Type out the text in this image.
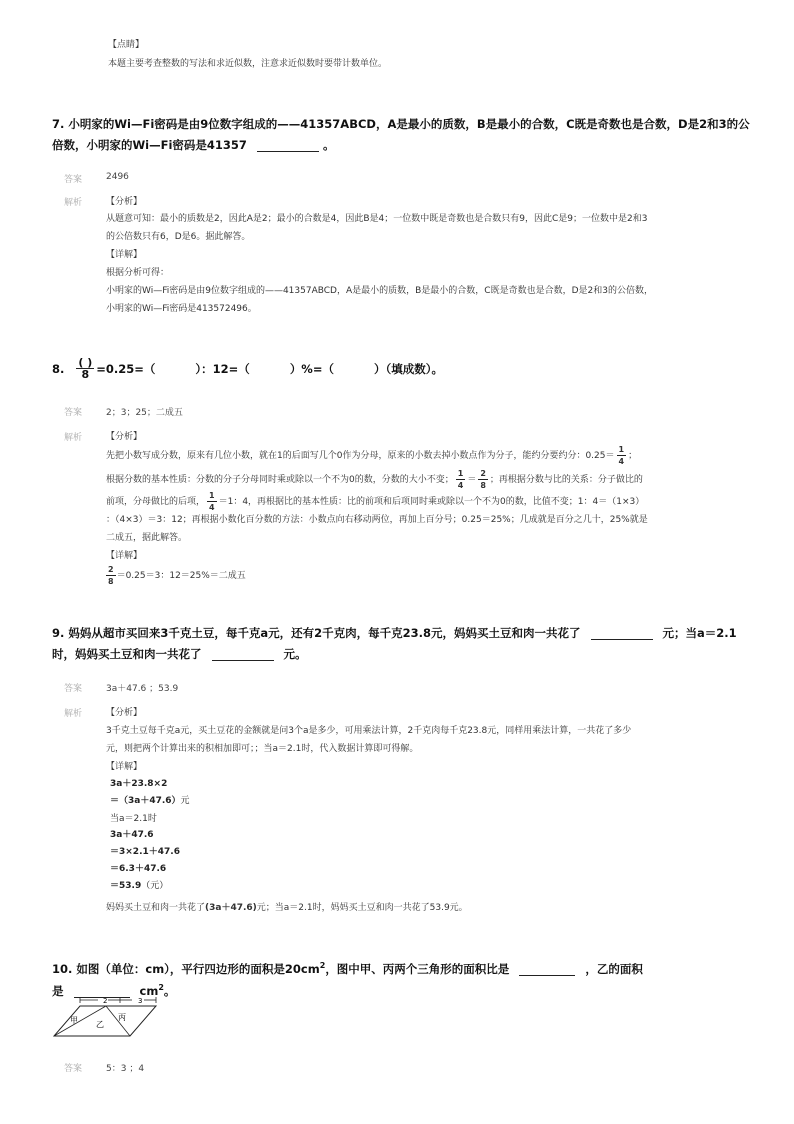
【点睛】
本题主要考查整数的写法和求近似数，注意求近似数时要带计数单位。
7. 小明家的Wi—Fi密码是由9位数字组成的——41357ABCD，A是最小的质数，B是最小的合数，C既是奇数也是合数，D是2和3的公
倍数，小明家的Wi—Fi密码是41357	。
答案	2496
解析	【分析】
从题意可知：最小的质数是2，因此A是2；最小的合数是4，因此B是4；一位数中既是奇数也是合数只有9，因此C是9；一位数中是2和3
的公倍数只有6，D是6。据此解答。
【详解】
根据分析可得：
小明家的Wi—Fi密码是由9位数字组成的——41357ABCD，A是最小的质数，B是最小的合数，C既是奇数也是合数，D是2和3的公倍数，
小明家的Wi—Fi密码是413572496。
8. $\frac{( )}{8} =0.25=$（	）：12=（	）%=（	）（填成数）。
答案	2；3；25；二成五
解析	【分析】
先把小数写成分数，原来有几位小数，就在1的后面写几个0作为分母，原来的小数去掉小数点作为分子，能约分要约分：$0.25= \frac{1}{4}$ ；
根据分数的基本性质：分数的分子分母同时乘或除以一个不为0的数，分数的大小不变； $\frac{1}{4} = \frac{2}{8}$ ；再根据分数与比的关系：分子做比的
前项，分母做比的后项， $\frac{1}{4} =1$：4，再根据比的基本性质：比的前项和后项同时乘或除以一个不为0的数，比值不变；1：4＝（1×3）
：（4×3）＝3：12；再根据小数化百分数的方法：小数点向右移动两位，再加上百分号；0.25＝25%；几成就是百分之几十，25%就是
二成五，据此解答。
【详解】
$\frac{2}{8} =0.25=3$：12＝25%＝二成五
9. 妈妈从超市买回来3千克土豆，每千克a元，还有2千克肉，每千克23.8元，妈妈买土豆和肉一共花了	元；当a＝2.1
时，妈妈买土豆和肉一共花了	元。
答案	3a＋47.6 ；53.9
解析	【分析】
3千克土豆每千克a元，买土豆花的金额就是问3个a是多少，可用乘法计算，2千克肉每千克23.8元，同样用乘法计算，一共花了多少
元，则把两个计算出来的积相加即可；；当a＝2.1时，代入数据计算即可得解。
【详解】
3a＋23.8×2
＝（3a＋47.6）元
当a＝2.1时
3a＋47.6
＝3×2.1＋47.6
＝6.3＋47.6
＝53.9（元）
妈妈买土豆和肉一共花了(3a＋47.6)元；当a＝2.1时，妈妈买土豆和肉一共花了53.9元。
10. 如图（单位：cm），平行四边形的面积是$20cm^2$，图中甲、丙两个三角形的面积比是	，乙的面积
是	$cm^2$。
2	3
甲 乙
丙
答案	5：3 ；4
